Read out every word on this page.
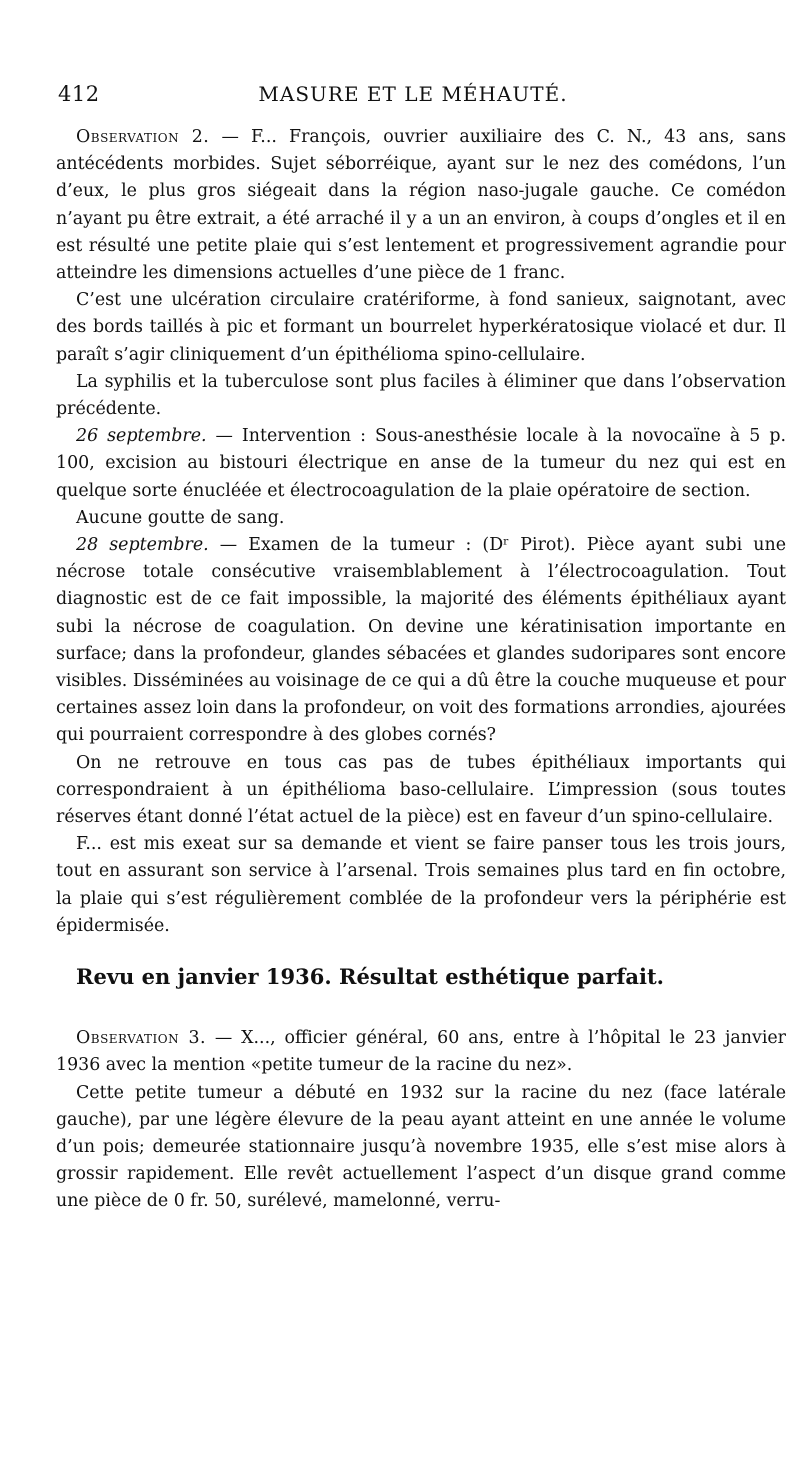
412	MASURE ET LE MÉHAUTÉ.

Observation 2. — F... François, ouvrier auxiliaire des C. N., 43 ans, sans antécédents morbides. Sujet séborréique, ayant sur le nez des comédons, l’un d’eux, le plus gros siégeait dans la région naso-jugale gauche. Ce comédon n’ayant pu être extrait, a été arraché il y a un an environ, à coups d’ongles et il en est résulté une petite plaie qui s’est lentement et progressivement agrandie pour atteindre les dimensions actuelles d’une pièce de 1 franc.

C’est une ulcération circulaire cratériforme, à fond sanieux, saignotant, avec des bords taillés à pic et formant un bourrelet hyperkératosique violacé et dur. Il paraît s’agir cliniquement d’un épithélioma spino-cellulaire.

La syphilis et la tuberculose sont plus faciles à éliminer que dans l’observation précédente.

26 septembre. — Intervention : Sous-anesthésie locale à la novocaïne à 5 p. 100, excision au bistouri électrique en anse de la tumeur du nez qui est en quelque sorte énucléée et électrocoagulation de la plaie opératoire de section.

Aucune goutte de sang.

28 septembre. — Examen de la tumeur : (Dʳ Pirot). Pièce ayant subi une nécrose totale consécutive vraisemblablement à l’électrocoagulation. Tout diagnostic est de ce fait impossible, la majorité des éléments épithéliaux ayant subi la nécrose de coagulation. On devine une kératinisation importante en surface; dans la profondeur, glandes sébacées et glandes sudoripares sont encore visibles. Disséminées au voisinage de ce qui a dû être la couche muqueuse et pour certaines assez loin dans la profondeur, on voit des formations arrondies, ajourées qui pourraient correspondre à des globes cornés?

On ne retrouve en tous cas pas de tubes épithéliaux importants qui correspondraient à un épithélioma baso-cellulaire. L’impression (sous toutes réserves étant donné l’état actuel de la pièce) est en faveur d’un spino-cellulaire.

F... est mis exeat sur sa demande et vient se faire panser tous les trois jours, tout en assurant son service à l’arsenal. Trois semaines plus tard en fin octobre, la plaie qui s’est régulièrement comblée de la profondeur vers la périphérie est épidermisée.

Revu en janvier 1936. Résultat esthétique parfait.

Observation 3. — X..., officier général, 60 ans, entre à l’hôpital le 23 janvier 1936 avec la mention «petite tumeur de la racine du nez».

Cette petite tumeur a débuté en 1932 sur la racine du nez (face latérale gauche), par une légère élevure de la peau ayant atteint en une année le volume d’un pois; demeurée stationnaire jusqu’à novembre 1935, elle s’est mise alors à grossir rapidement. Elle revêt actuellement l’aspect d’un disque grand comme une pièce de 0 fr. 50, surélevé, mamelonné, verru-
